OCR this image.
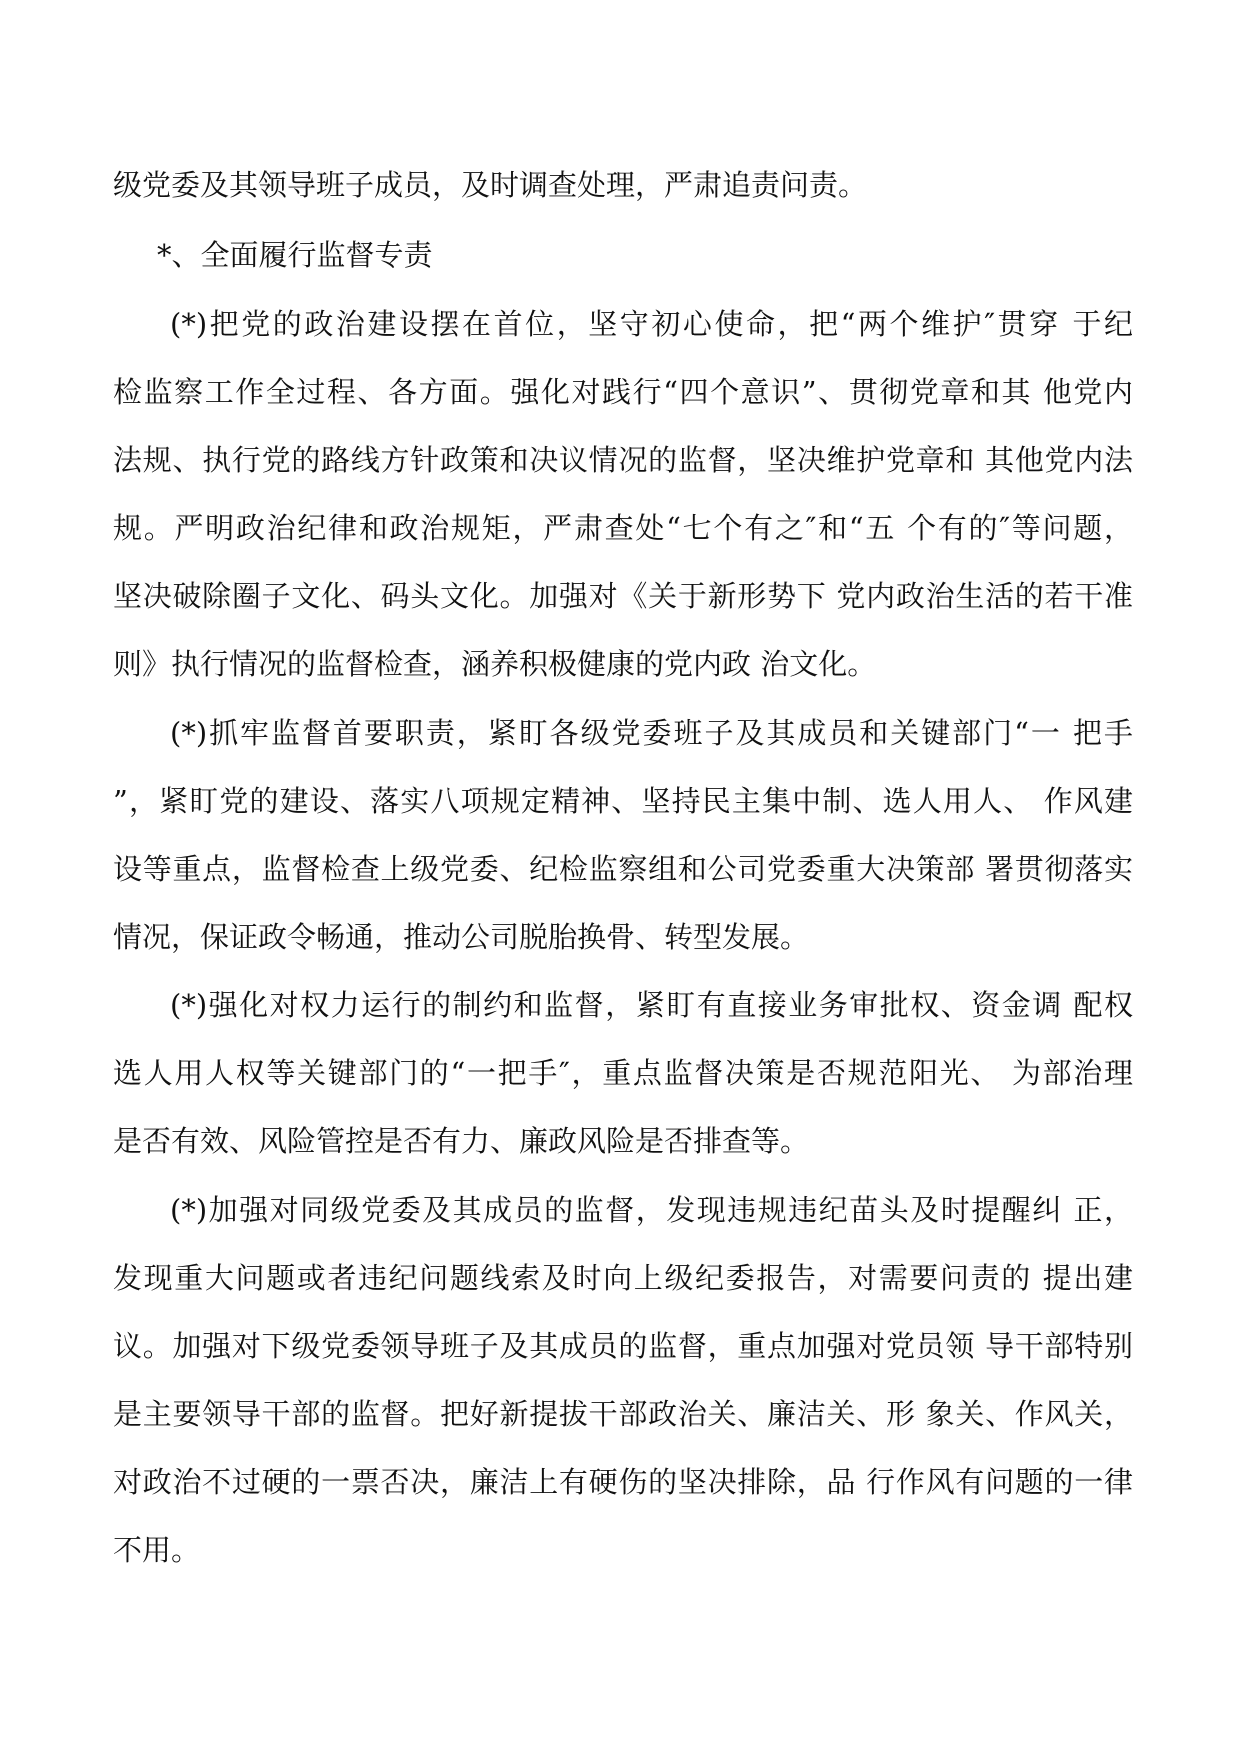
级党委及其领导班子成员，及时调查处理，严肃追责问责。
*、全面履行监督专责
(*)把党的政治建设摆在首位，坚守初心使命，把“两个维护″贯穿 于纪
检监察工作全过程、各方面。强化对践行“四个意识”、贯彻党章和其 他党内
法规、执行党的路线方针政策和决议情况的监督，坚决维护党章和 其他党内法
规。严明政治纪律和政治规矩，严肃查处“七个有之″和“五 个有的″等问题，
坚决破除圈子文化、码头文化。加强对《关于新形势下 党内政治生活的若干准
则》执行情况的监督检查，涵养积极健康的党内政 治文化。
(*)抓牢监督首要职责，紧盯各级党委班子及其成员和关键部门“一 把手
”，紧盯党的建设、落实八项规定精神、坚持民主集中制、选人用人、 作风建
设等重点，监督检查上级党委、纪检监察组和公司党委重大决策部 署贯彻落实
情况，保证政令畅通，推动公司脱胎换骨、转型发展。
(*)强化对权力运行的制约和监督，紧盯有直接业务审批权、资金调 配权
选人用人权等关键部门的“一把手″，重点监督决策是否规范阳光、 为部治理
是否有效、风险管控是否有力、廉政风险是否排查等。
(*)加强对同级党委及其成员的监督，发现违规违纪苗头及时提醒纠 正，
发现重大问题或者违纪问题线索及时向上级纪委报告，对需要问责的 提出建
议。加强对下级党委领导班子及其成员的监督，重点加强对党员领 导干部特别
是主要领导干部的监督。把好新提拔干部政治关、廉洁关、形 象关、作风关，
对政治不过硬的一票否决，廉洁上有硬伤的坚决排除，品 行作风有问题的一律
不用。
